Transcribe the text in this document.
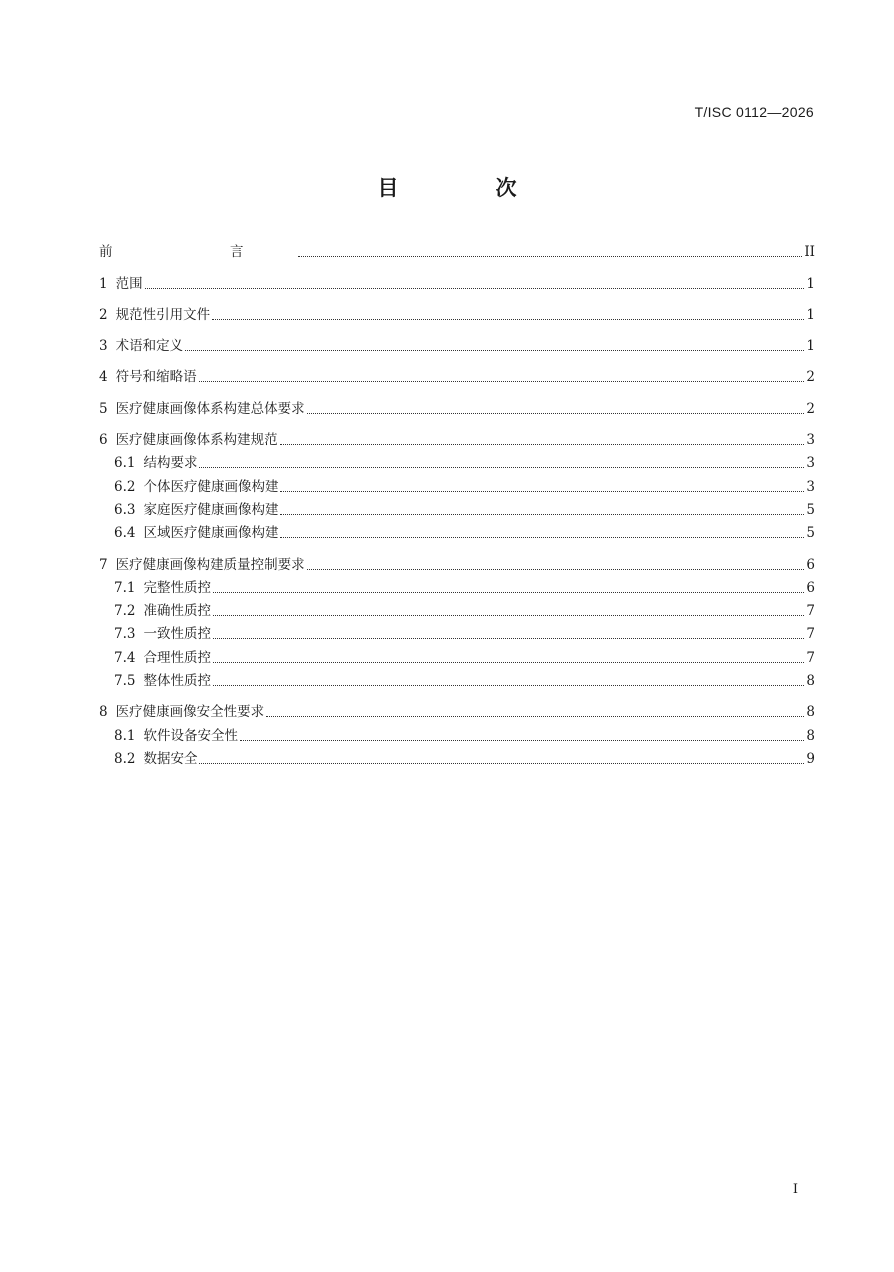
T/ISC 0112—2026
目　次
前　言	II
1 范围	1
2 规范性引用文件	1
3 术语和定义	1
4 符号和缩略语	2
5 医疗健康画像体系构建总体要求	2
6 医疗健康画像体系构建规范	3
6.1 结构要求	3
6.2 个体医疗健康画像构建	3
6.3 家庭医疗健康画像构建	5
6.4 区域医疗健康画像构建	5
7 医疗健康画像构建质量控制要求	6
7.1 完整性质控	6
7.2 准确性质控	7
7.3 一致性质控	7
7.4 合理性质控	7
7.5 整体性质控	8
8 医疗健康画像安全性要求	8
8.1 软件设备安全性	8
8.2 数据安全	9
I
